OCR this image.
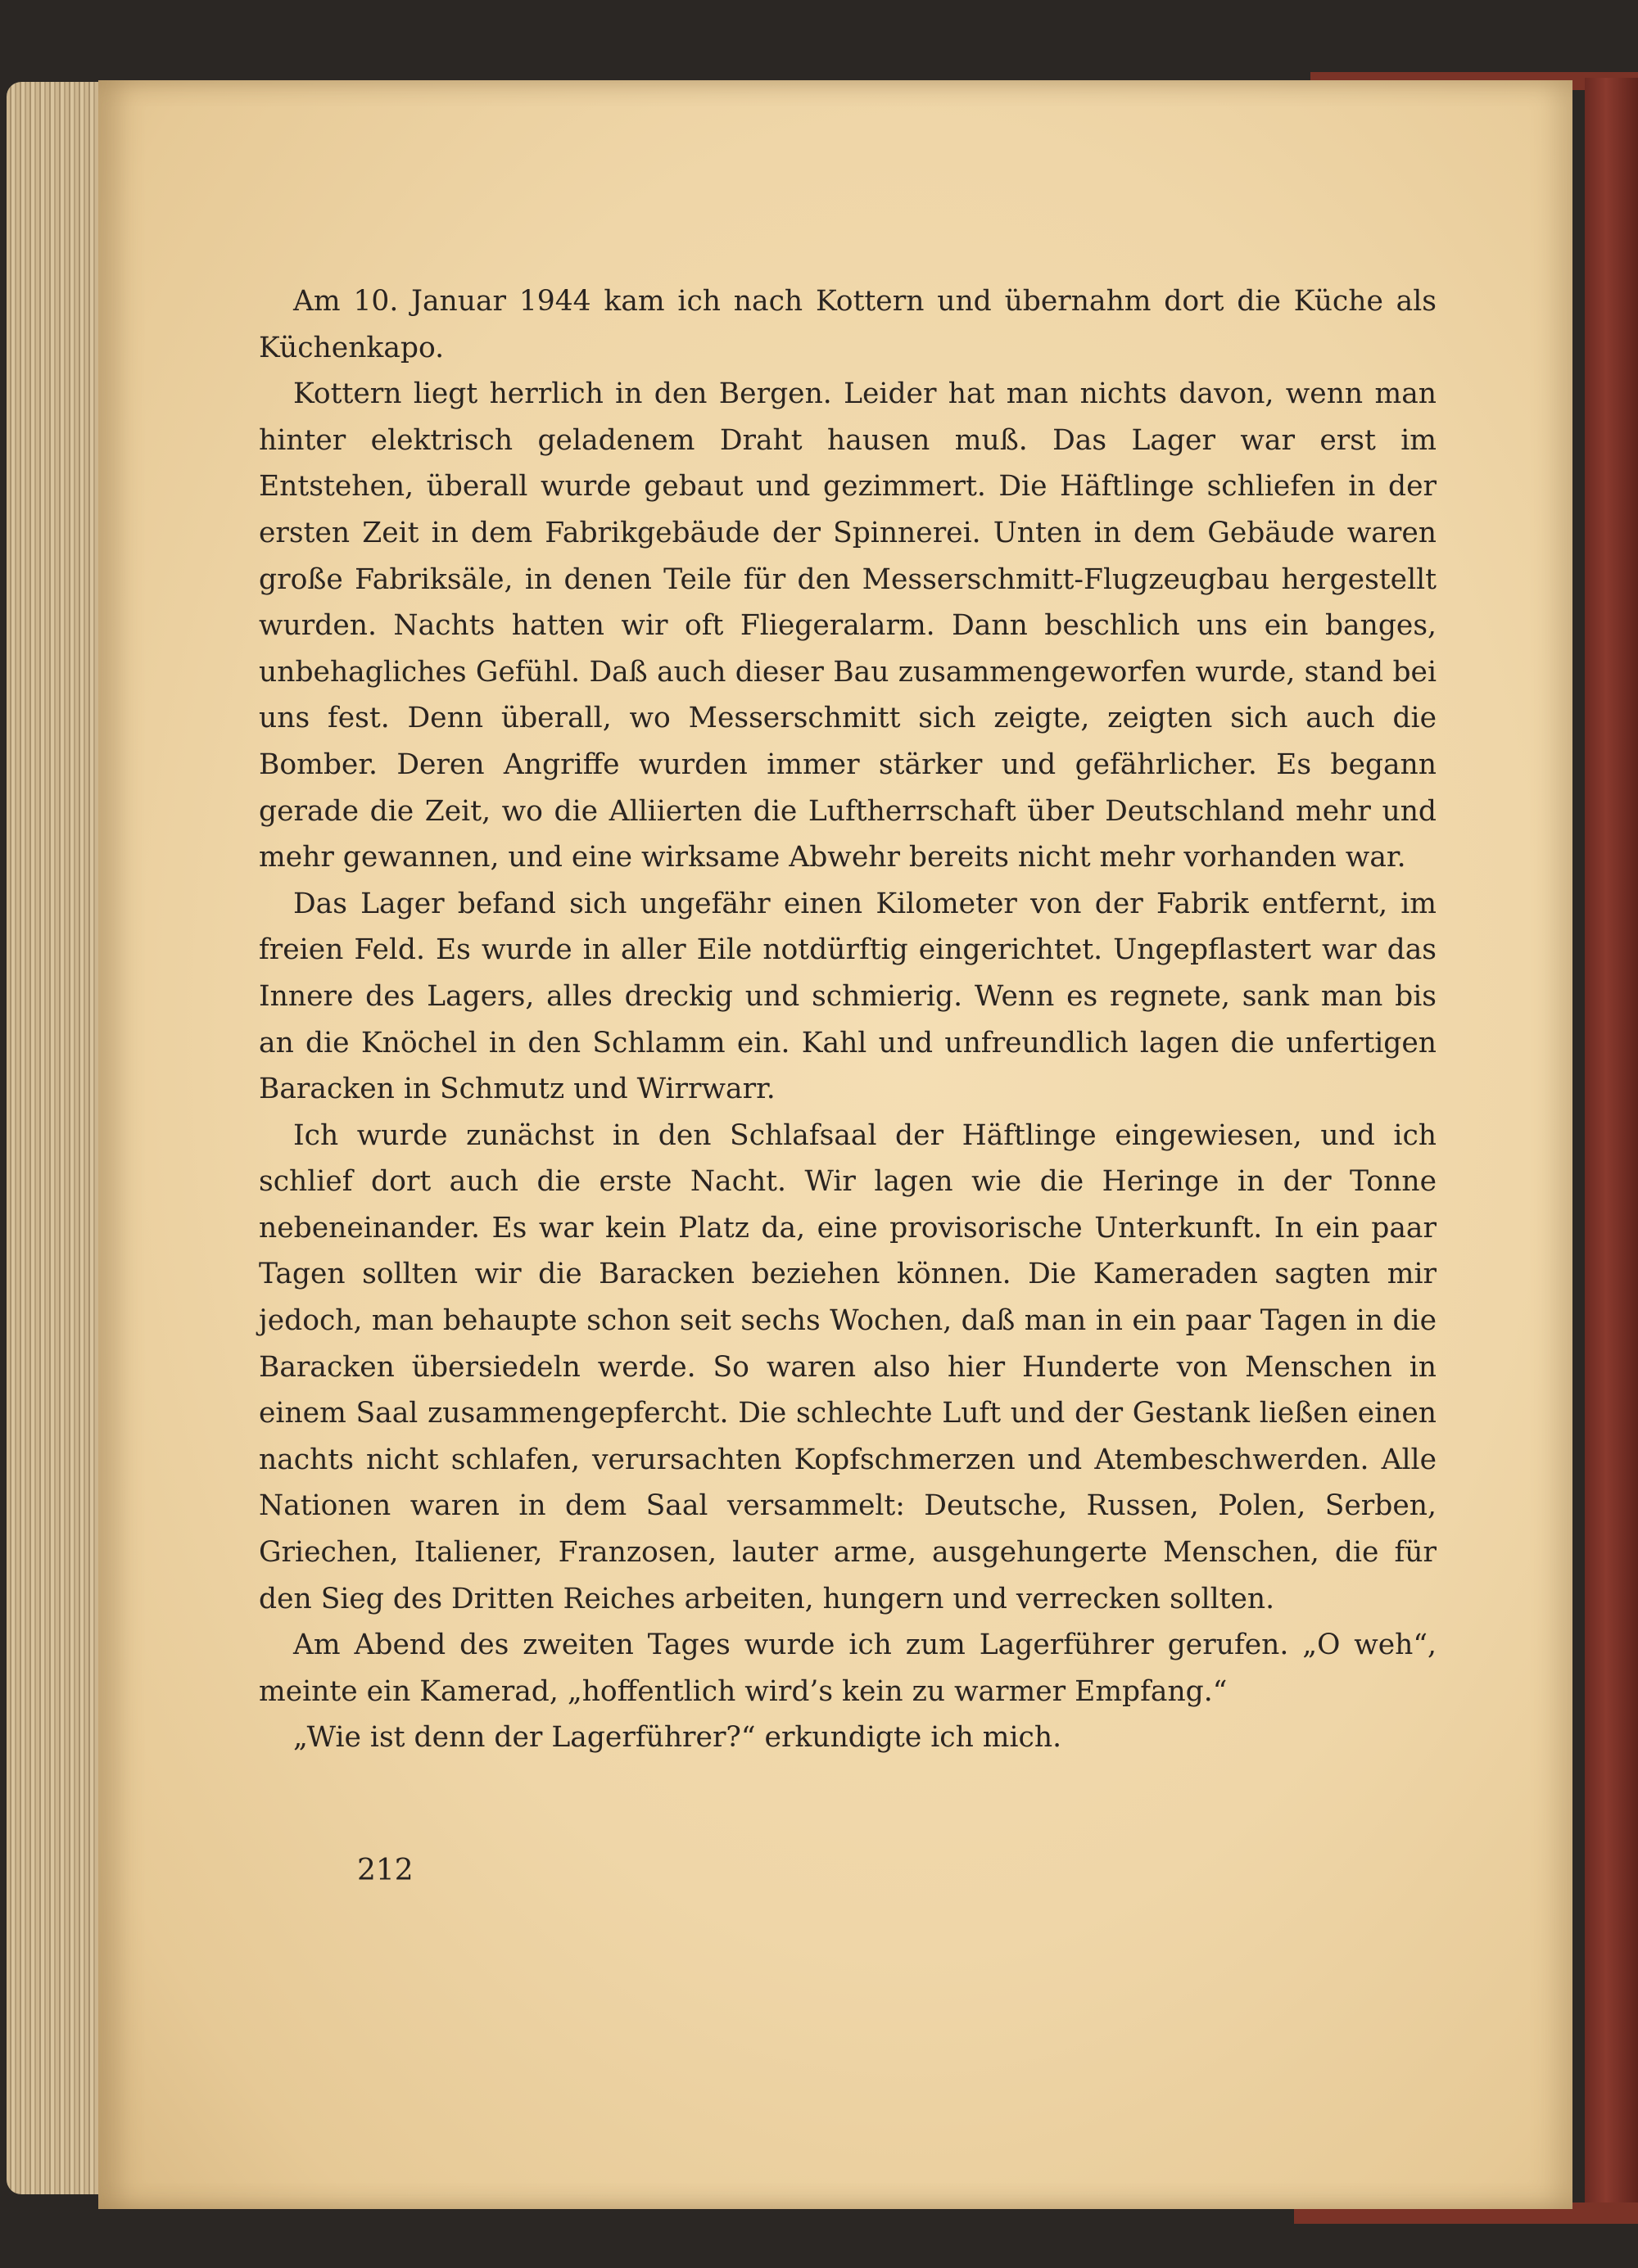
Am 10. Januar 1944 kam ich nach Kottern und übernahm dort die Küche als Küchenkapo.

Kottern liegt herrlich in den Bergen. Leider hat man nichts davon, wenn man hinter elektrisch geladenem Draht hausen muß. Das Lager war erst im Entstehen, überall wurde gebaut und gezimmert. Die Häftlinge schliefen in der ersten Zeit in dem Fabrikgebäude der Spinnerei. Unten in dem Gebäude waren große Fabriksäle, in denen Teile für den Messerschmitt-Flugzeugbau hergestellt wurden. Nachts hatten wir oft Fliegeralarm. Dann beschlich uns ein banges, unbehagliches Gefühl. Daß auch dieser Bau zusammengeworfen wurde, stand bei uns fest. Denn überall, wo Messerschmitt sich zeigte, zeigten sich auch die Bomber. Deren Angriffe wurden immer stärker und gefährlicher. Es begann gerade die Zeit, wo die Alliierten die Luftherrschaft über Deutschland mehr und mehr gewannen, und eine wirksame Abwehr bereits nicht mehr vorhanden war.

Das Lager befand sich ungefähr einen Kilometer von der Fabrik entfernt, im freien Feld. Es wurde in aller Eile notdürftig eingerichtet. Ungepflastert war das Innere des Lagers, alles dreckig und schmierig. Wenn es regnete, sank man bis an die Knöchel in den Schlamm ein. Kahl und unfreundlich lagen die unfertigen Baracken in Schmutz und Wirrwarr.

Ich wurde zunächst in den Schlafsaal der Häftlinge eingewiesen, und ich schlief dort auch die erste Nacht. Wir lagen wie die Heringe in der Tonne nebeneinander. Es war kein Platz da, eine provisorische Unterkunft. In ein paar Tagen sollten wir die Baracken beziehen können. Die Kameraden sagten mir jedoch, man behaupte schon seit sechs Wochen, daß man in ein paar Tagen in die Baracken übersiedeln werde. So waren also hier Hunderte von Menschen in einem Saal zusammengepfercht. Die schlechte Luft und der Gestank ließen einen nachts nicht schlafen, verursachten Kopfschmerzen und Atembeschwerden. Alle Nationen waren in dem Saal versammelt: Deutsche, Russen, Polen, Serben, Griechen, Italiener, Franzosen, lauter arme, ausgehungerte Menschen, die für den Sieg des Dritten Reiches arbeiten, hungern und verrecken sollten.

Am Abend des zweiten Tages wurde ich zum Lagerführer gerufen. „O weh“, meinte ein Kamerad, „hoffentlich wird’s kein zu warmer Empfang.“

„Wie ist denn der Lagerführer?“ erkundigte ich mich.

212
